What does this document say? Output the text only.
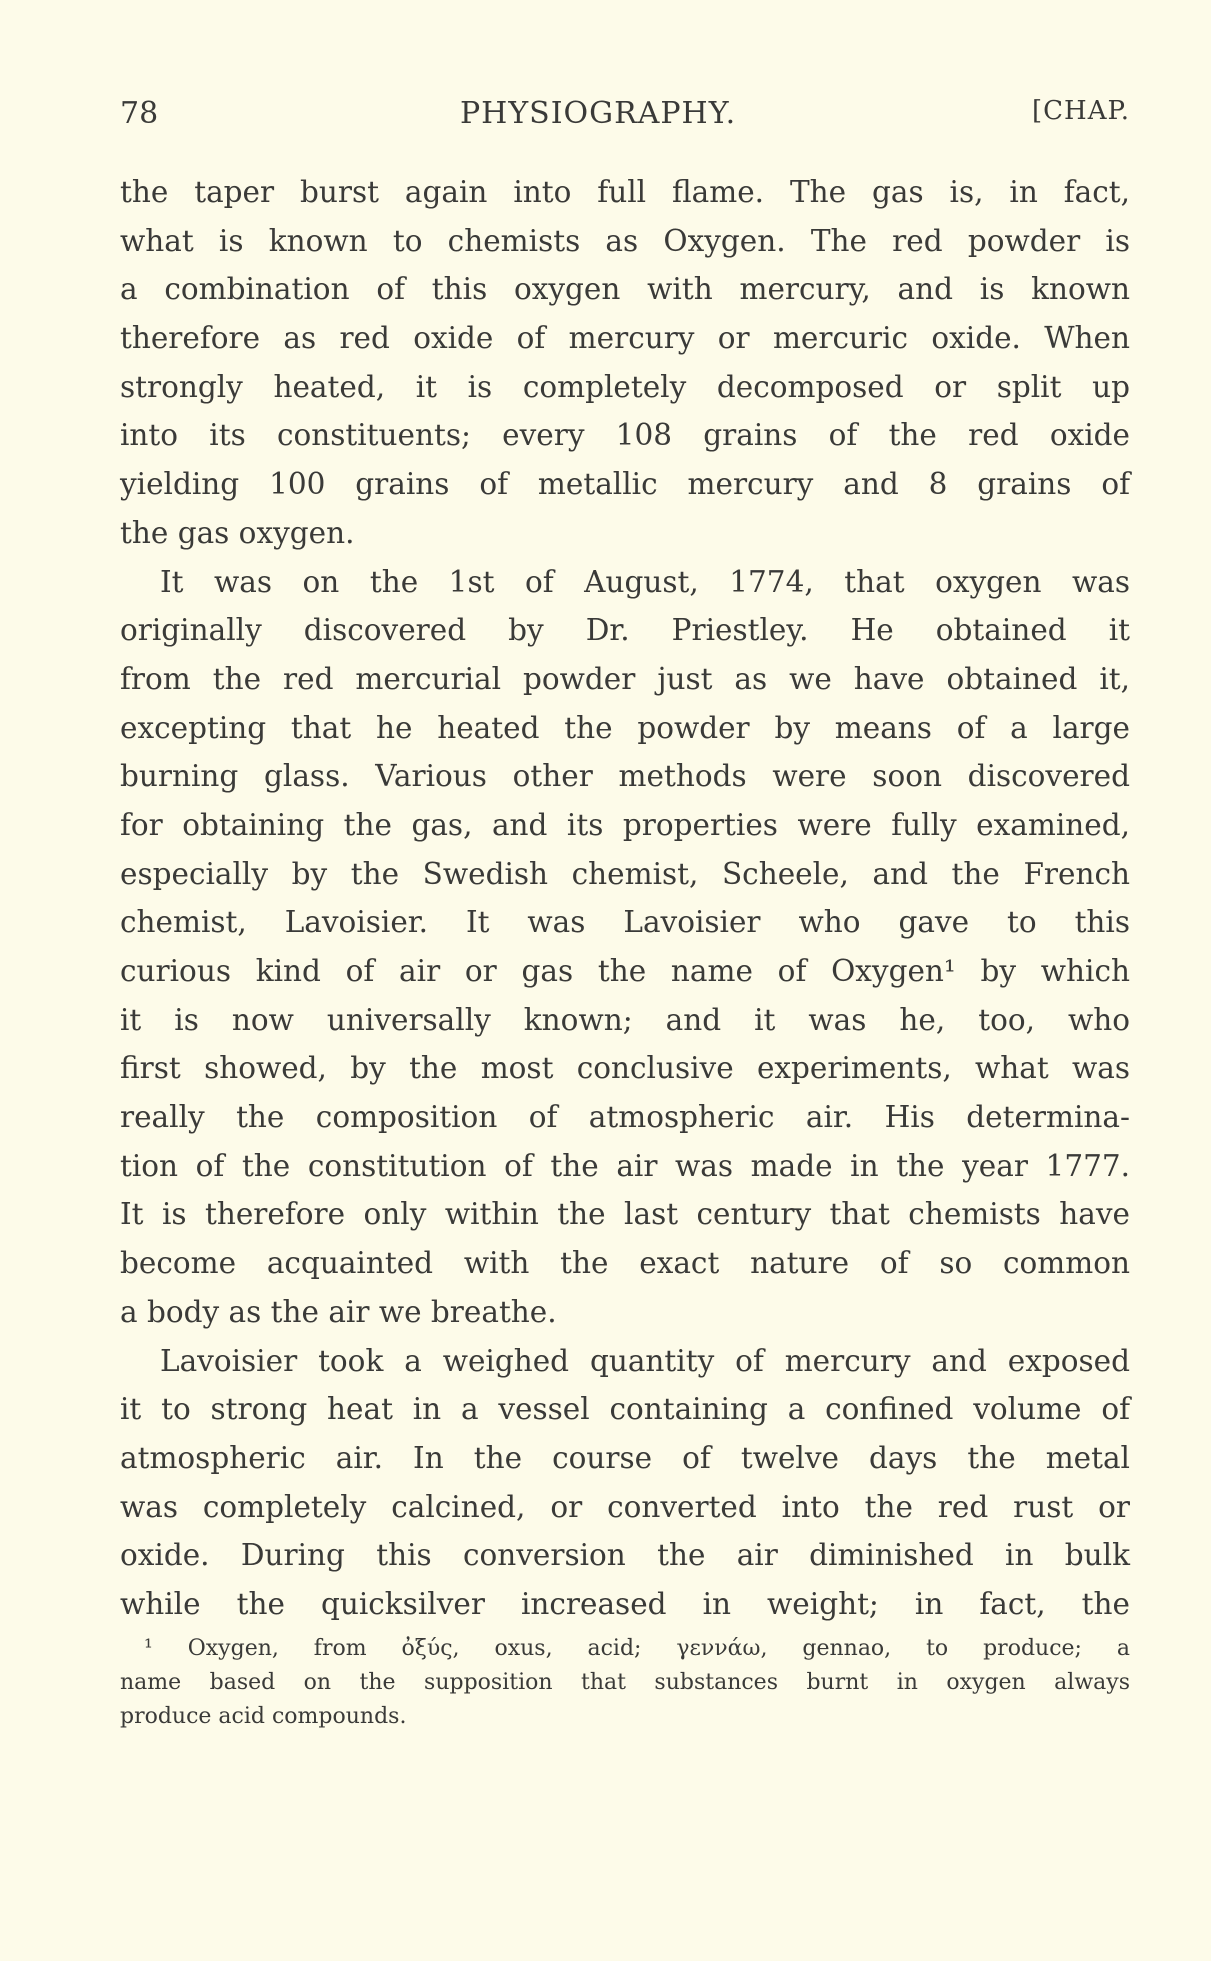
78	PHYSIOGRAPHY.	[CHAP.
the taper burst again into full flame. The gas is, in fact,
what is known to chemists as Oxygen. The red powder is
a combination of this oxygen with mercury, and is known
therefore as red oxide of mercury or mercuric oxide. When
strongly heated, it is completely decomposed or split up
into its constituents; every 108 grains of the red oxide
yielding 100 grains of metallic mercury and 8 grains of
the gas oxygen.
It was on the 1st of August, 1774, that oxygen was
originally discovered by Dr. Priestley. He obtained it
from the red mercurial powder just as we have obtained it,
excepting that he heated the powder by means of a large
burning glass. Various other methods were soon discovered
for obtaining the gas, and its properties were fully examined,
especially by the Swedish chemist, Scheele, and the French
chemist, Lavoisier. It was Lavoisier who gave to this
curious kind of air or gas the name of Oxygen¹ by which
it is now universally known; and it was he, too, who
first showed, by the most conclusive experiments, what was
really the composition of atmospheric air. His determina-
tion of the constitution of the air was made in the year 1777.
It is therefore only within the last century that chemists have
become acquainted with the exact nature of so common
a body as the air we breathe.
Lavoisier took a weighed quantity of mercury and exposed
it to strong heat in a vessel containing a confined volume of
atmospheric air. In the course of twelve days the metal
was completely calcined, or converted into the red rust or
oxide. During this conversion the air diminished in bulk
while the quicksilver increased in weight; in fact, the
¹ Oxygen, from ὀξύς, oxus, acid; γεννάω, gennao, to produce; a
name based on the supposition that substances burnt in oxygen always
produce acid compounds.
